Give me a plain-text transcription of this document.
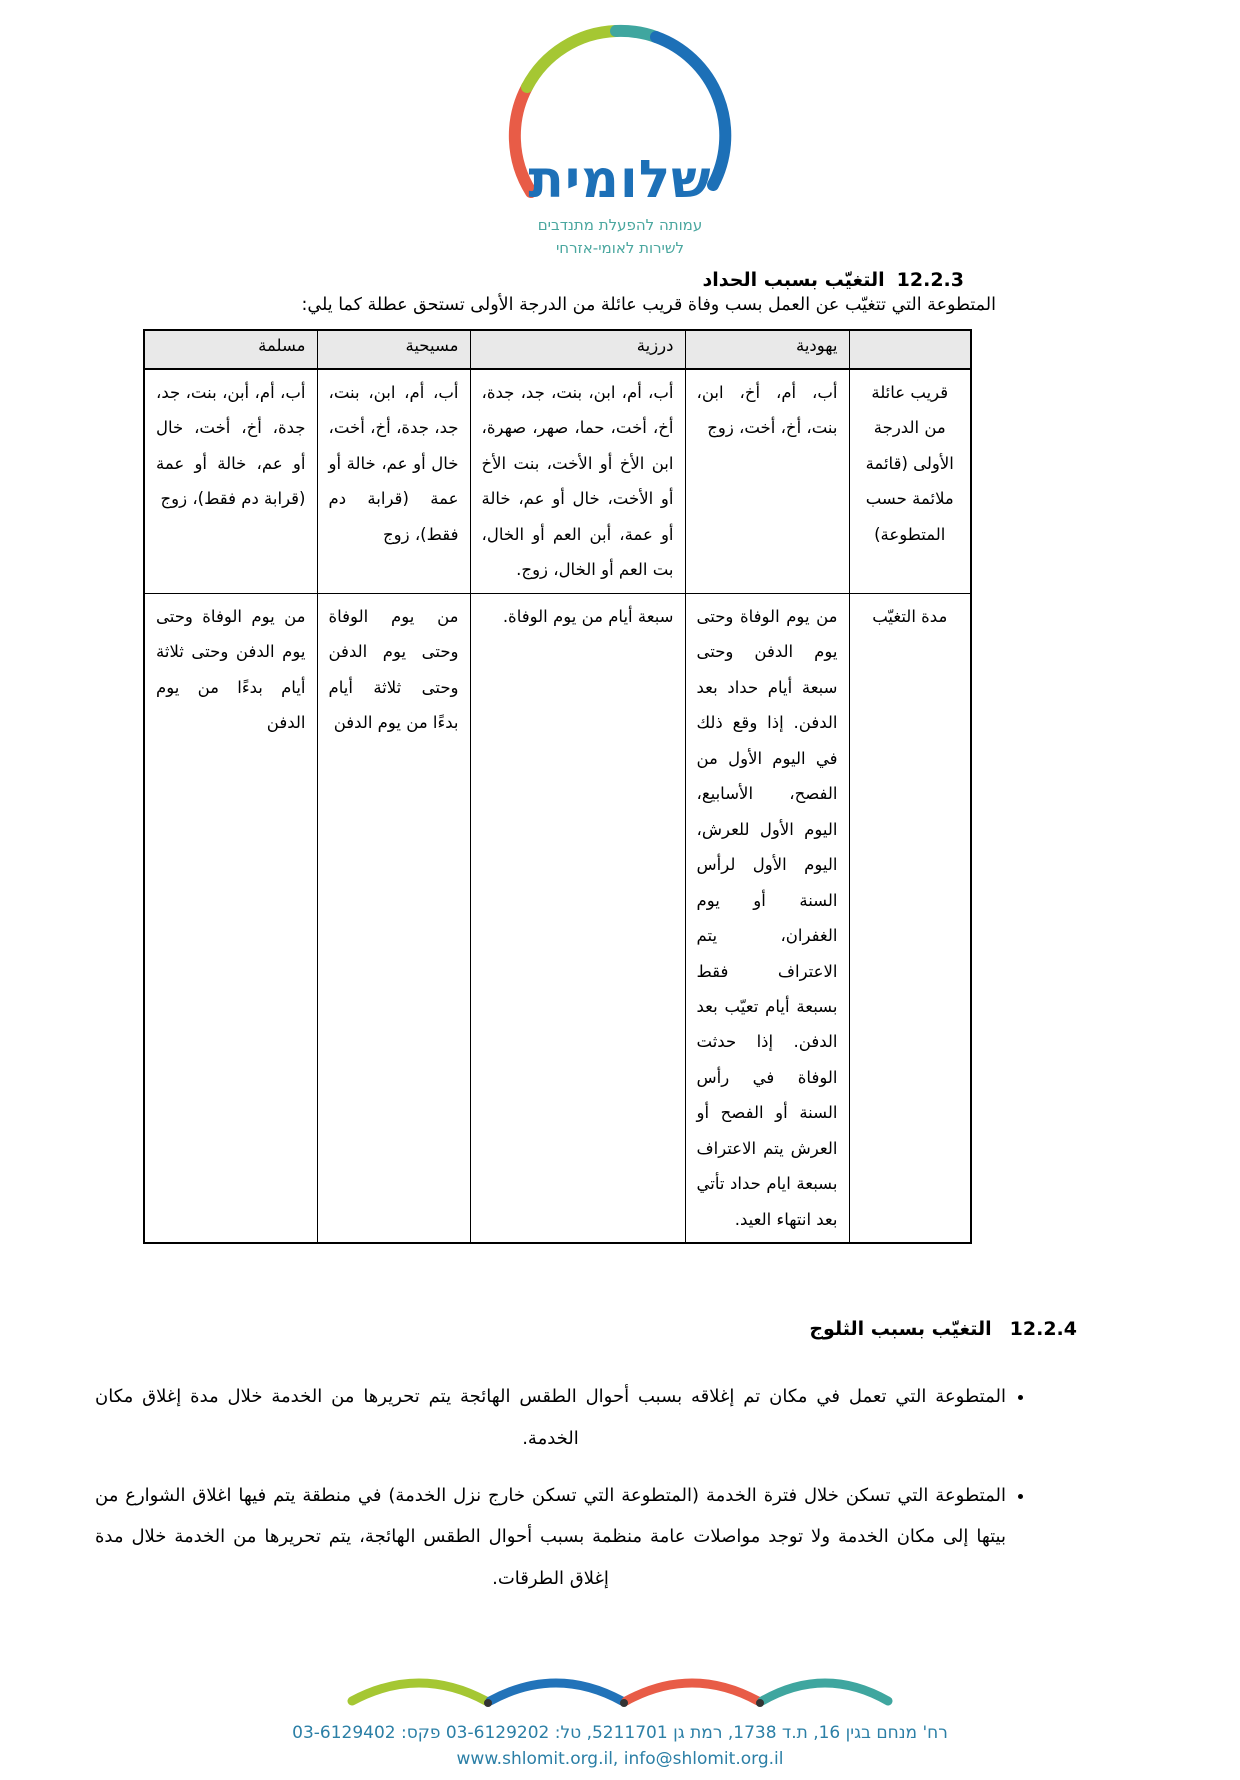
שלומית
עמותה להפעלת מתנדבים
לשירות לאומי-אזרחי
12.2.3التغيّب بسبب الحداد

المتطوعة التي تتغيّب عن العمل بسب وفاة قريب عائلة من الدرجة الأولى تستحق عطلة كما يلي:

	يهودية	درزية	مسيحية	مسلمة
قريب عائلة من الدرجة الأولى (قائمة ملائمة حسب المتطوعة)	أب، أم، أخ، ابن، بنت، أخ، أخت، زوج	أب، أم، ابن، بنت، جد، جدة، أخ، أخت، حما، صهر، صهرة، ابن الأخ أو الأخت، بنت الأخ أو الأخت، خال أو عم، خالة أو عمة، أبن العم أو الخال، بت العم أو الخال، زوج.	أب، أم، ابن، بنت، جد، جدة، أخ، أخت، خال أو عم، خالة أو عمة (قرابة دم فقط)، زوج	أب، أم، أبن، بنت، جد، جدة، أخ، أخت، خال أو عم، خالة أو عمة (قرابة دم فقط)، زوج
مدة التغيّب	من يوم الوفاة وحتى يوم الدفن وحتى سبعة أيام حداد بعد الدفن. إذا وقع ذلك في اليوم الأول من الفصح، الأسابيع، اليوم الأول للعرش، اليوم الأول لرأس السنة أو يوم الغفران، يتم الاعتراف فقط بسبعة أيام تعيّب بعد الدفن. إذا حدثت الوفاة في رأس السنة أو الفصح أو العرش يتم الاعتراف بسبعة ايام حداد تأتي بعد انتهاء العيد.	سبعة أيام من يوم الوفاة.	من يوم الوفاة وحتى يوم الدفن وحتى ثلاثة أيام بدءًا من يوم الدفن	من يوم الوفاة وحتى يوم الدفن وحتى ثلاثة أيام بدءًا من يوم الدفن
12.2.4التغيّب بسبب الثلوج
• المتطوعة التي تعمل في مكان تم إغلاقه بسبب أحوال الطقس الهائجة يتم تحريرها من الخدمة خلال مدة إغلاق مكان الخدمة.
• المتطوعة التي تسكن خلال فترة الخدمة (المتطوعة التي تسكن خارج نزل الخدمة) في منطقة يتم فيها اغلاق الشوارع من بيتها إلى مكان الخدمة ولا توجد مواصلات عامة منظمة بسبب أحوال الطقس الهائجة، يتم تحريرها من الخدمة خلال مدة إغلاق الطرقات.
רח' מנחם בגין 16, ת.ד 1738, רמת גן 5211701, טל: 03-6129202 פקס: 03-6129402
www.shlomit.org.il, info@shlomit.org.il
